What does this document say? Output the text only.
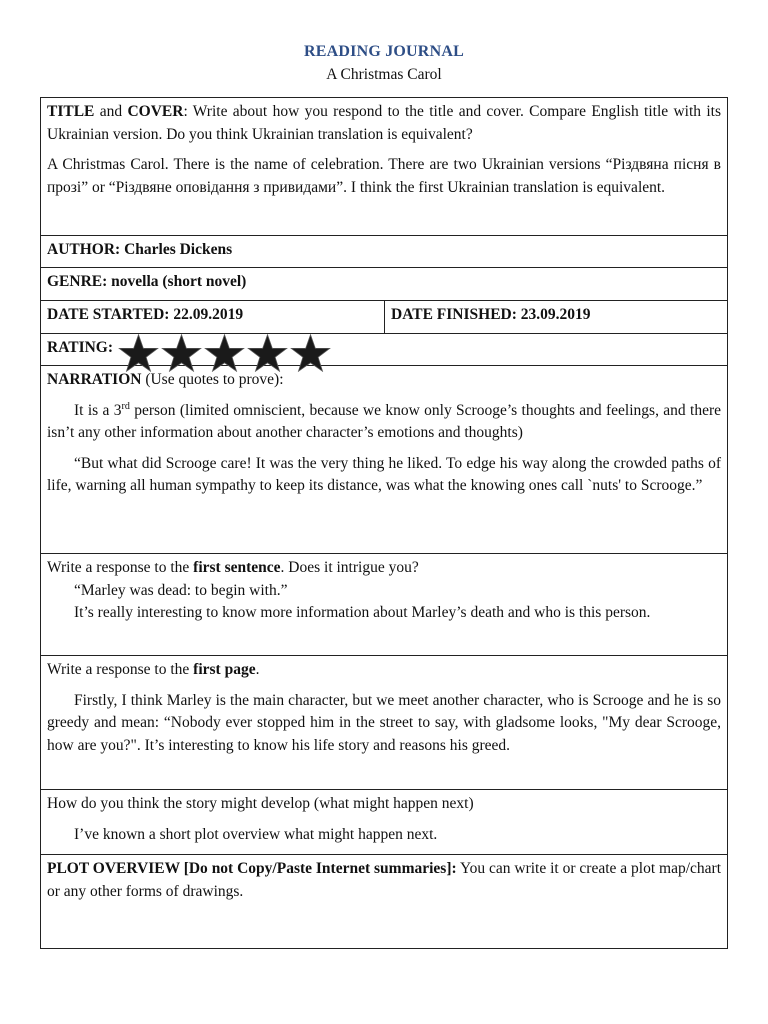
READING JOURNAL
A Christmas Carol

TITLE and COVER: Write about how you respond to the title and cover. Compare English title with its Ukrainian version. Do you think Ukrainian translation is equivalent?

A Christmas Carol. There is the name of celebration. There are two Ukrainian versions “Різдвяна пісня в прозі” or “Різдвяне оповідання з привидами”. I think the first Ukrainian translation is equivalent.

AUTHOR: Charles Dickens

GENRE: novella (short novel)

DATE STARTED: 22.09.2019	DATE FINISHED: 23.09.2019

RATING:

NARRATION (Use quotes to prove):

It is a 3rd person (limited omniscient, because we know only Scrooge’s thoughts and feelings, and there isn’t any other information about another character’s emotions and thoughts)

“But what did Scrooge care! It was the very thing he liked. To edge his way along the crowded paths of life, warning all human sympathy to keep its distance, was what the knowing ones call `nuts' to Scrooge.”

Write a response to the first sentence. Does it intrigue you?

“Marley was dead: to begin with.”

It’s really interesting to know more information about Marley’s death and who is this person.

Write a response to the first page.

Firstly, I think Marley is the main character, but we meet another character, who is Scrooge and he is so greedy and mean: “Nobody ever stopped him in the street to say, with gladsome looks, "My dear Scrooge, how are you?". It’s interesting to know his life story and reasons his greed.

How do you think the story might develop (what might happen next)

I’ve known a short plot overview what might happen next.

PLOT OVERVIEW [Do not Copy/Paste Internet summaries]: You can write it or create a plot map/chart or any other forms of drawings.
